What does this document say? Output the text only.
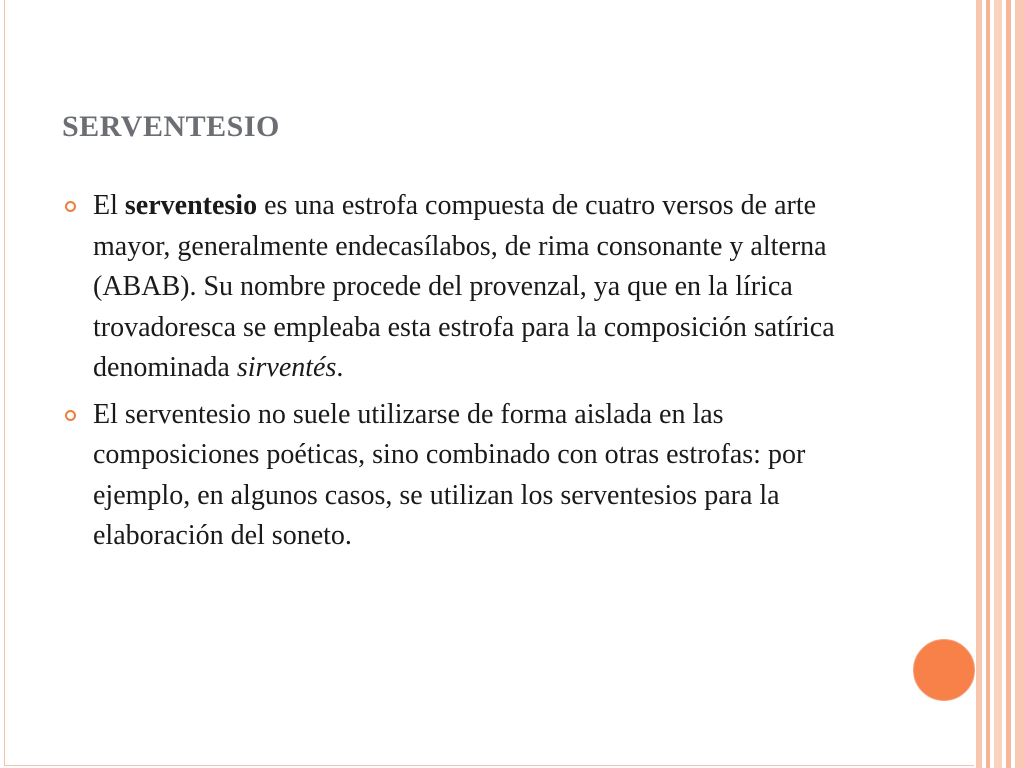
SERVENTESIO
El serventesio es una estrofa compuesta de cuatro versos de arte mayor, generalmente endecasílabos, de rima consonante y alterna (ABAB). Su nombre procede del provenzal, ya que en la lírica trovadoresca se empleaba esta estrofa para la composición satírica denominada sirventés.
El serventesio no suele utilizarse de forma aislada en las composiciones poéticas, sino combinado con otras estrofas: por ejemplo, en algunos casos, se utilizan los serventesios para la elaboración del soneto.
